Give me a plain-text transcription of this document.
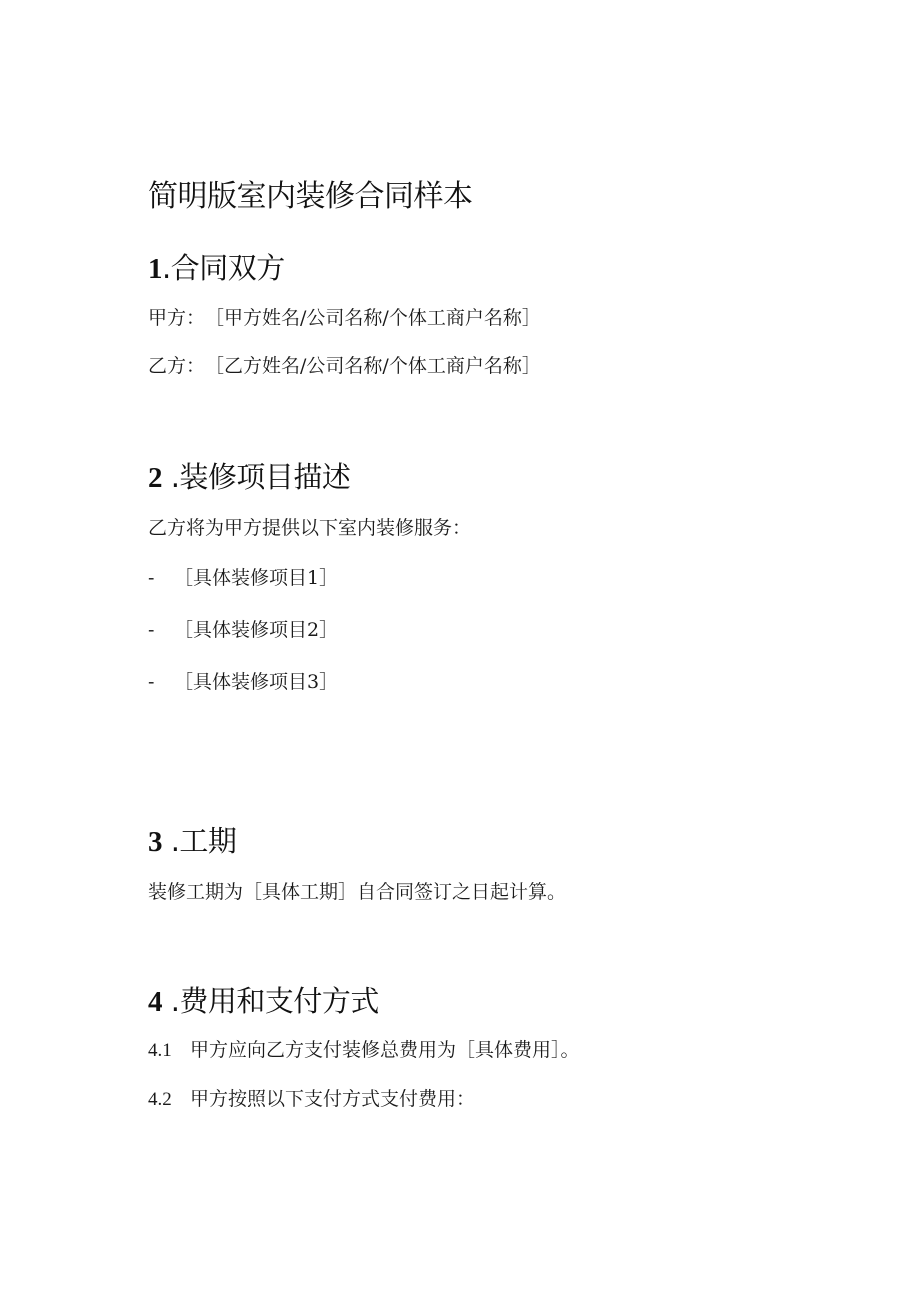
简明版室内装修合同样本
1.合同双方

甲方：［甲方姓名/公司名称/个体工商户名称］

乙方：［乙方姓名/公司名称/个体工商户名称］

2 .装修项目描述

乙方将为甲方提供以下室内装修服务：

- ［具体装修项目1］

- ［具体装修项目2］

- ［具体装修项目3］

3 .工期

装修工期为［具体工期］自合同签订之日起计算。

4 .费用和支付方式

4.1 甲方应向乙方支付装修总费用为［具体费用］。

4.2 甲方按照以下支付方式支付费用：
